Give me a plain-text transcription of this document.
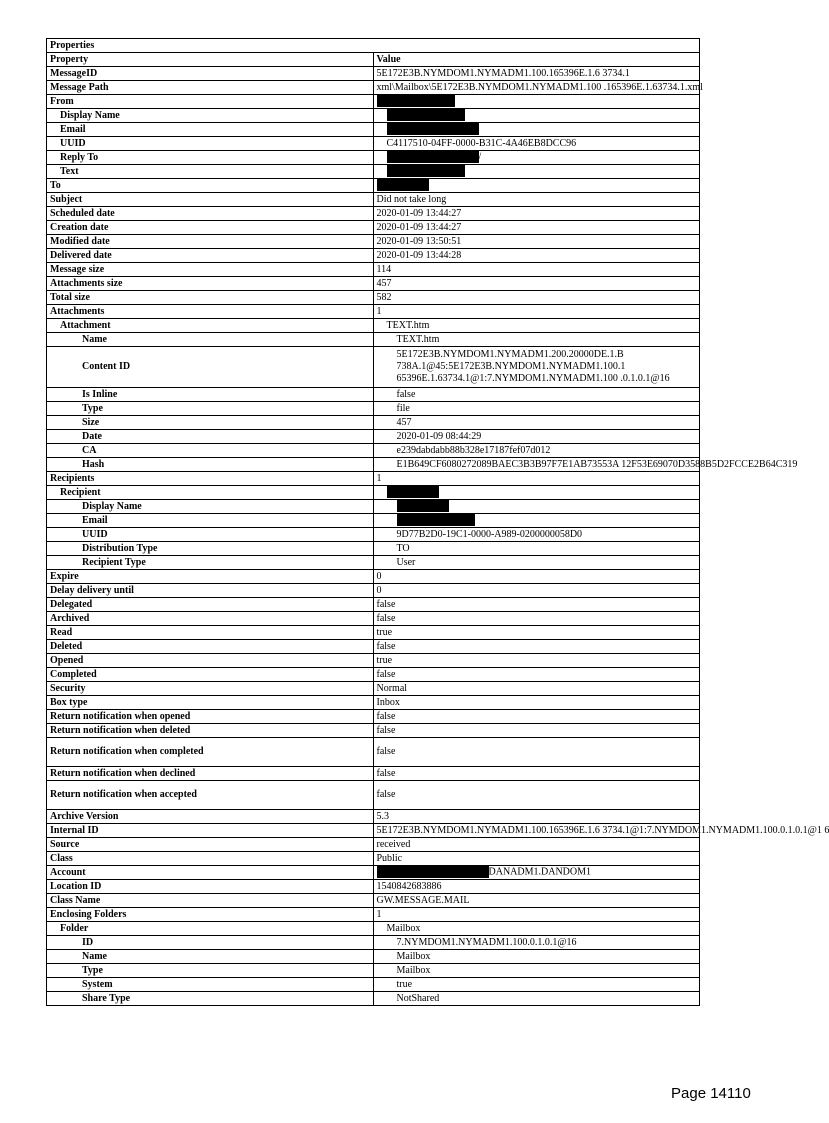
Properties	
Property	Value
MessageID	5E172E3B.NYMDOM1.NYMADM1.100.165396E.1.6 3734.1
Message Path	xml\Mailbox\5E172E3B.NYMDOM1.NYMADM1.100 .165396E.1.63734.1.xml
From	
Display Name	
Email	
UUID	C4117510-04FF-0000-B31C-4A46EB8DCC96
Reply To	/
Text	
To	
Subject	Did not take long
Scheduled date	2020-01-09 13:44:27
Creation date	2020-01-09 13:44:27
Modified date	2020-01-09 13:50:51
Delivered date	2020-01-09 13:44:28
Message size	114
Attachments size	457
Total size	582
Attachments	1
Attachment	TEXT.htm
Name	TEXT.htm
Content ID	5E172E3B.NYMDOM1.NYMADM1.200.20000DE.1.B 738A.1@45:5E172E3B.NYMDOM1.NYMADM1.100.1 65396E.1.63734.1@1:7.NYMDOM1.NYMADM1.100 .0.1.0.1@16
Is Inline	false
Type	file
Size	457
Date	2020-01-09 08:44:29
CA	e239dabdabb88b328e17187fef07d012
Hash	E1B649CF6080272089BAEC3B3B97F7E1AB73553A 12F53E69070D3588B5D2FCCE2B64C319
Recipients	1
Recipient	
Display Name	
Email	
UUID	9D77B2D0-19C1-0000-A989-0200000058D0
Distribution Type	TO
Recipient Type	User
Expire	0
Delay delivery until	0
Delegated	false
Archived	false
Read	true
Deleted	false
Opened	true
Completed	false
Security	Normal
Box type	Inbox
Return notification when opened	false
Return notification when deleted	false
Return notification when completed	false
Return notification when declined	false
Return notification when accepted	false
Archive Version	5.3
Internal ID	5E172E3B.NYMDOM1.NYMADM1.100.165396E.1.6 3734.1@1:7.NYMDOM1.NYMADM1.100.0.1.0.1@1 6
Source	received
Class	Public
Account	DANADM1.DANDOM1
Location ID	1540842683886
Class Name	GW.MESSAGE.MAIL
Enclosing Folders	1
Folder	Mailbox
ID	7.NYMDOM1.NYMADM1.100.0.1.0.1@16
Name	Mailbox
Type	Mailbox
System	true
Share Type	NotShared
Page 14110
